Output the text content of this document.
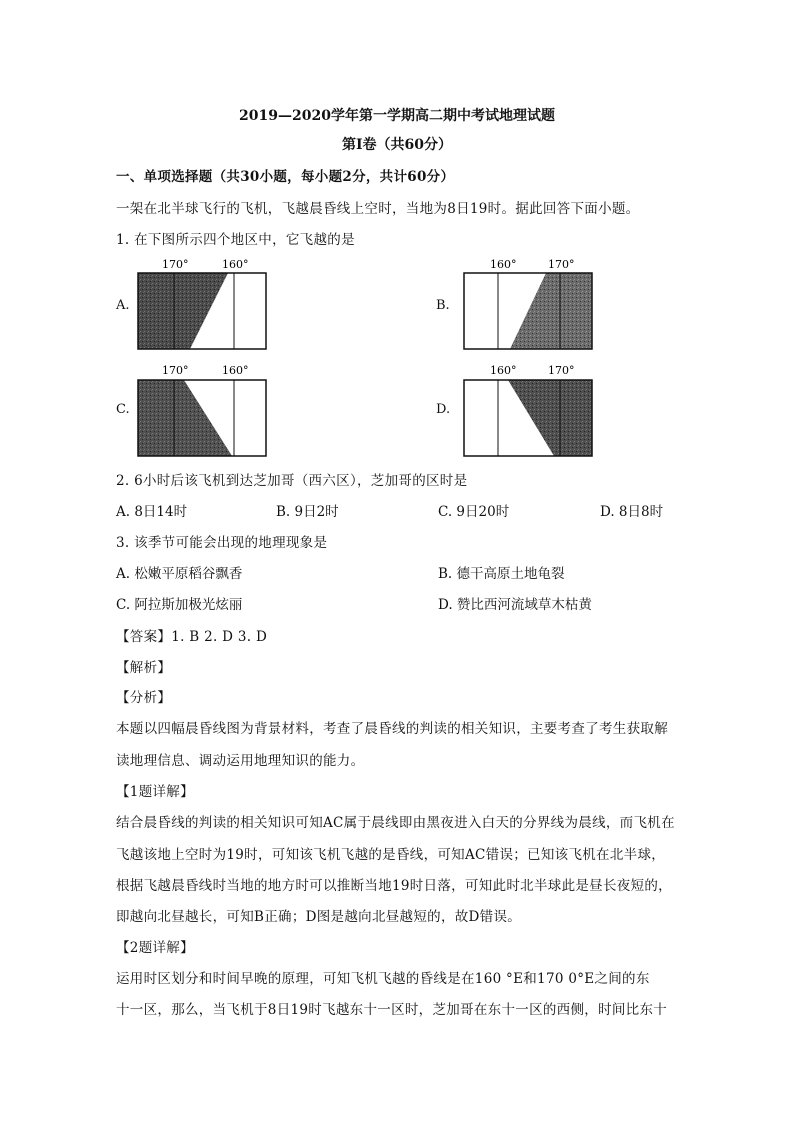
2019—2020学年第一学期高二期中考试地理试题
第Ⅰ卷（共60分）
一、单项选择题（共30小题，每小题2分，共计60分）
一架在北半球飞行的飞机，飞越晨昏线上空时，当地为8日19时。据此回答下面小题。
1. 在下图所示四个地区中，它飞越的是
A.	B.
C.	D.
170°	160°	160°	170°
170°	160°	160°	170°
2. 6小时后该飞机到达芝加哥（西六区），芝加哥的区时是
A. 8日14时	B. 9日2时	C. 9日20时	D. 8日8时
3. 该季节可能会出现的地理现象是
A. 松嫩平原稻谷飘香	B. 德干高原土地龟裂
C. 阿拉斯加极光炫丽	D. 赞比西河流域草木枯黄
【答案】1. B 2. D 3. D
【解析】
【分析】
本题以四幅晨昏线图为背景材料，考查了晨昏线的判读的相关知识，主要考查了考生获取解
读地理信息、调动运用地理知识的能力。
【1题详解】
结合晨昏线的判读的相关知识可知AC属于晨线即由黑夜进入白天的分界线为晨线，而飞机在
飞越该地上空时为19时，可知该飞机飞越的是昏线，可知AC错误；已知该飞机在北半球，
根据飞越晨昏线时当地的地方时可以推断当地19时日落，可知此时北半球此是昼长夜短的，
即越向北昼越长，可知B正确；D图是越向北昼越短的，故D错误。
【2题详解】
运用时区划分和时间早晚的原理，可知飞机飞越的昏线是在160 °E和170 0°E之间的东
十一区，那么，当飞机于8日19时飞越东十一区时，芝加哥在东十一区的西侧，时间比东十
